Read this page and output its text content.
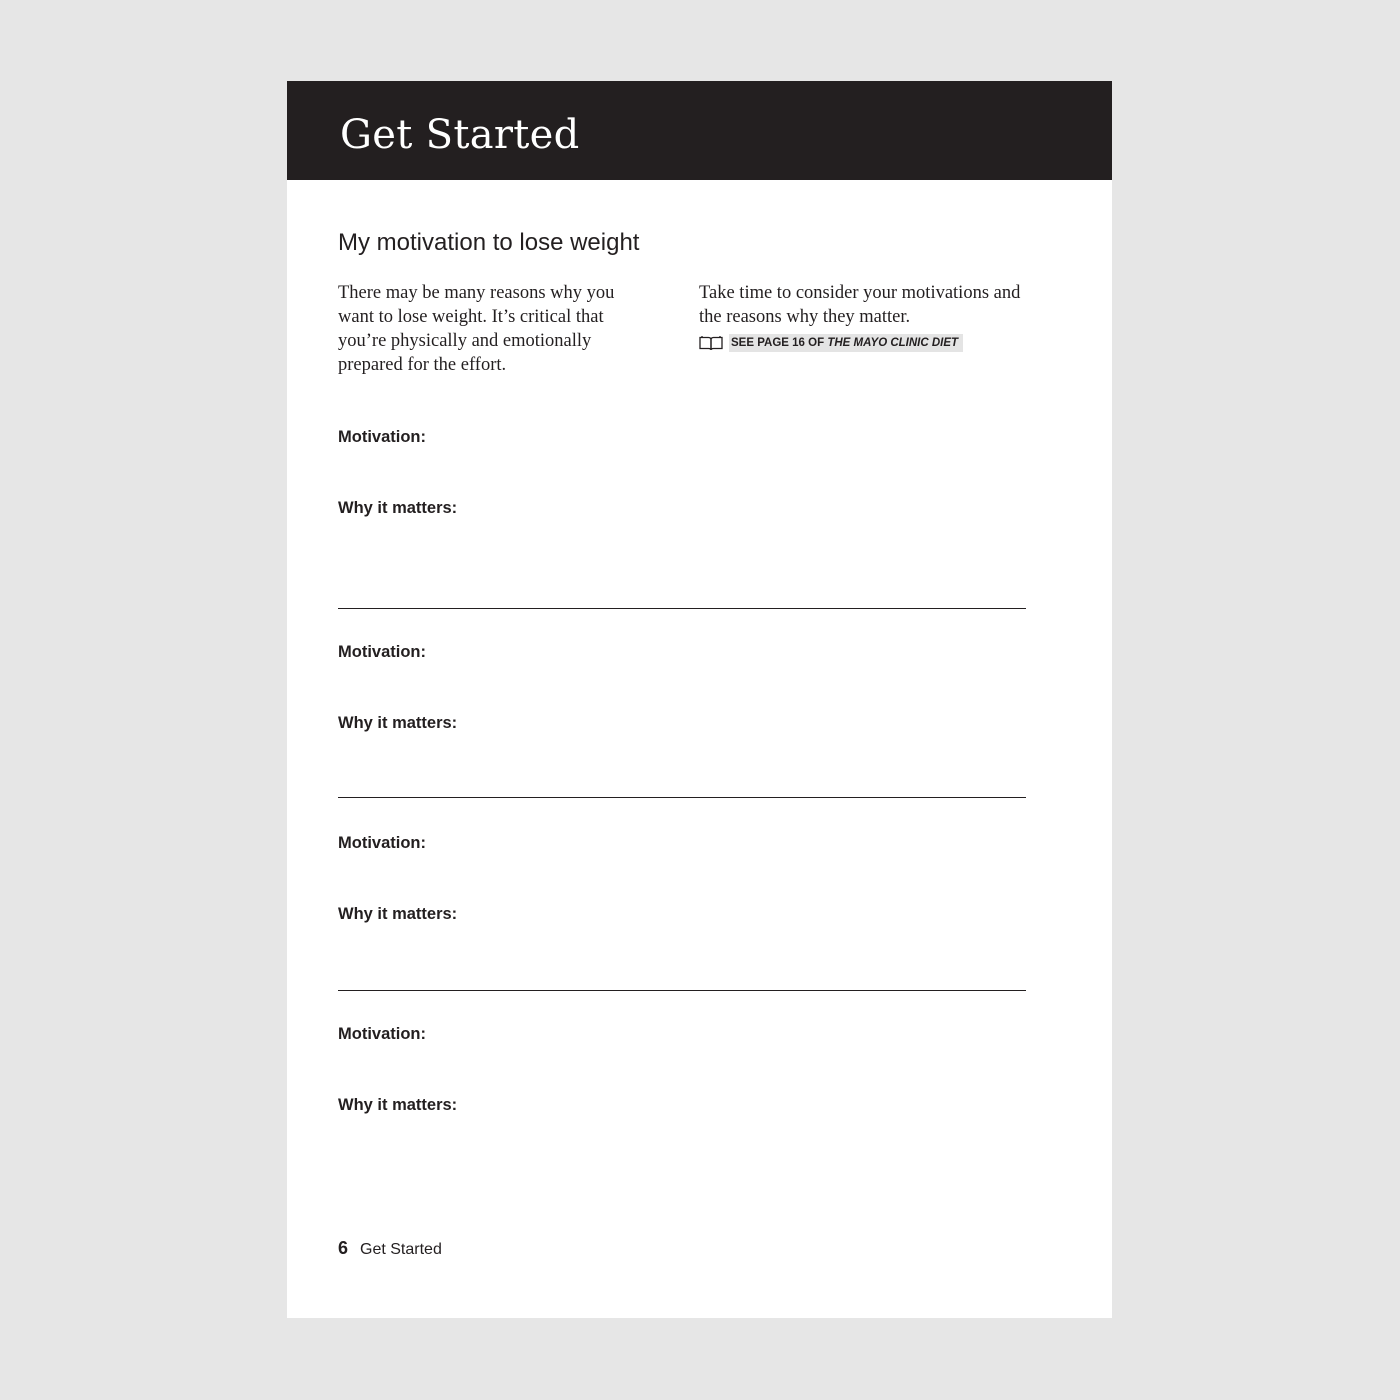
Get Started
My motivation to lose weight

There may be many reasons why you want to lose weight. It’s critical that you’re physically and emotionally prepared for the effort.

Take time to consider your motivations and the reasons why they matter.

SEE PAGE 16 OF THE MAYO CLINIC DIET
Motivation:
Why it matters:
Motivation:
Why it matters:
Motivation:
Why it matters:
Motivation:
Why it matters:
6 Get Started
